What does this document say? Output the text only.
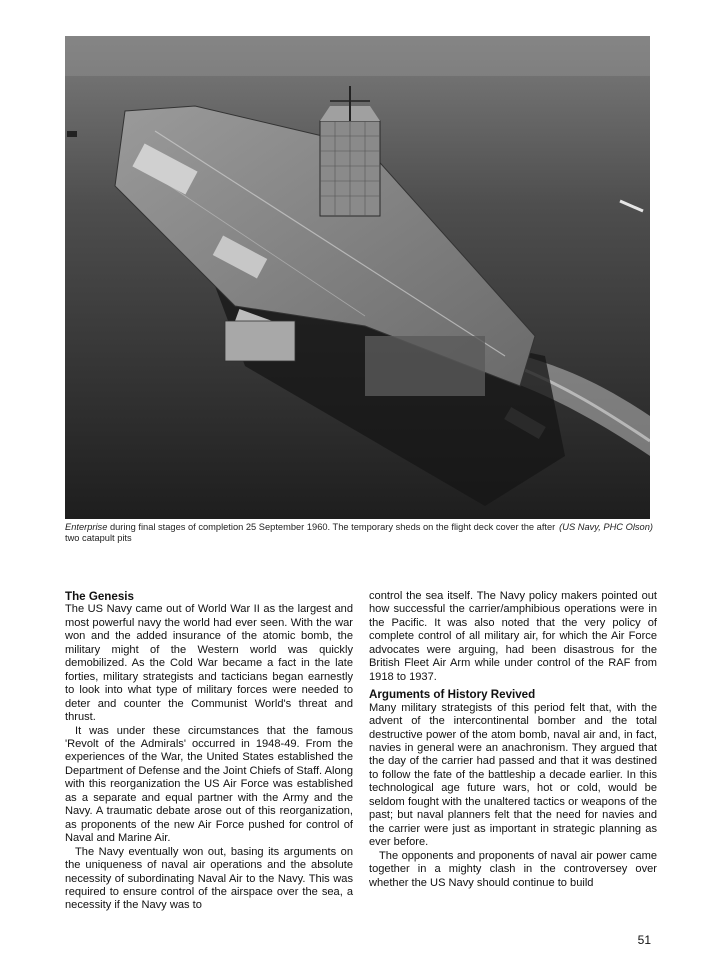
(US Navy, PHC Olson)
Enterprise during final stages of completion 25 September 1960. The temporary sheds on the flight deck cover the after two catapult pits
The Genesis

The US Navy came out of World War II as the largest and most powerful navy the world had ever seen. With the war won and the added insurance of the atomic bomb, the military might of the Western world was quickly demobilized. As the Cold War became a fact in the late forties, military strategists and tacticians began earnestly to look into what type of military forces were needed to deter and counter the Communist World's threat and thrust.

It was under these circumstances that the famous 'Revolt of the Admirals' occurred in 1948-49. From the experiences of the War, the United States established the Department of Defense and the Joint Chiefs of Staff. Along with this reorganization the US Air Force was established as a separate and equal partner with the Army and the Navy. A traumatic debate arose out of this reorganization, as proponents of the new Air Force pushed for control of Naval and Marine Air.

The Navy eventually won out, basing its arguments on the uniqueness of naval air operations and the absolute necessity of subordinating Naval Air to the Navy. This was required to ensure control of the airspace over the sea, a necessity if the Navy was to

control the sea itself. The Navy policy makers pointed out how successful the carrier/amphibious operations were in the Pacific. It was also noted that the very policy of complete control of all military air, for which the Air Force advocates were arguing, had been disastrous for the British Fleet Air Arm while under control of the RAF from 1918 to 1937.

Arguments of History Revived

Many military strategists of this period felt that, with the advent of the intercontinental bomber and the total destructive power of the atom bomb, naval air and, in fact, navies in general were an anachronism. They argued that the day of the carrier had passed and that it was destined to follow the fate of the battleship a decade earlier. In this technological age future wars, hot or cold, would be seldom fought with the unaltered tactics or weapons of the past; but naval planners felt that the need for navies and the carrier were just as important in strategic planning as ever before.

The opponents and proponents of naval air power came together in a mighty clash in the controversey over whether the US Navy should continue to build

51
